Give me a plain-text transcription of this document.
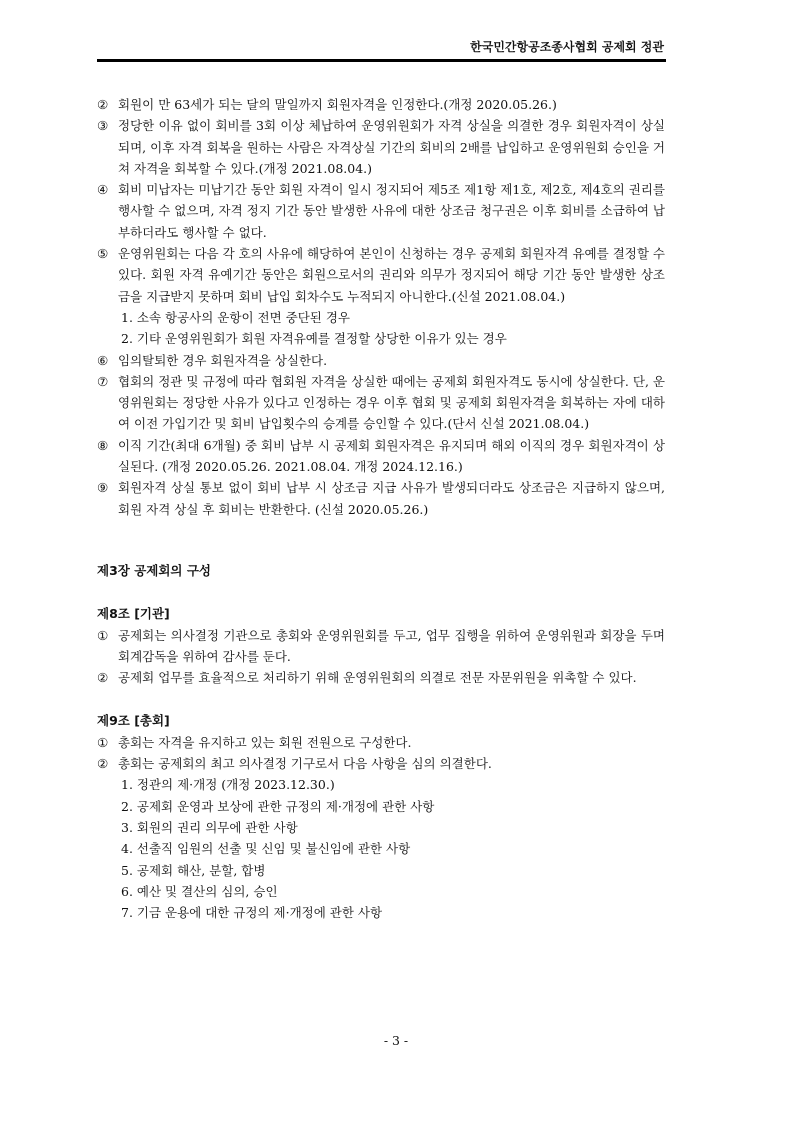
한국민간항공조종사협회 공제회 정관

② 회원이 만 63세가 되는 달의 말일까지 회원자격을 인정한다.(개정 2020.05.26.)

③ 정당한 이유 없이 회비를 3회 이상 체납하여 운영위원회가 자격 상실을 의결한 경우 회원자격이 상실되며, 이후 자격 회복을 원하는 사람은 자격상실 기간의 회비의 2배를 납입하고 운영위원회 승인을 거쳐 자격을 회복할 수 있다.(개정 2021.08.04.)

④ 회비 미납자는 미납기간 동안 회원 자격이 일시 정지되어 제5조 제1항 제1호, 제2호, 제4호의 권리를 행사할 수 없으며, 자격 정지 기간 동안 발생한 사유에 대한 상조금 청구권은 이후 회비를 소급하여 납부하더라도 행사할 수 없다.

⑤ 운영위원회는 다음 각 호의 사유에 해당하여 본인이 신청하는 경우 공제회 회원자격 유예를 결정할 수 있다. 회원 자격 유예기간 동안은 회원으로서의 권리와 의무가 정지되어 해당 기간 동안 발생한 상조금을 지급받지 못하며 회비 납입 회차수도 누적되지 아니한다.(신설 2021.08.04.)

1. 소속 항공사의 운항이 전면 중단된 경우

2. 기타 운영위원회가 회원 자격유예를 결정할 상당한 이유가 있는 경우

⑥ 임의탈퇴한 경우 회원자격을 상실한다.

⑦ 협회의 정관 및 규정에 따라 협회원 자격을 상실한 때에는 공제회 회원자격도 동시에 상실한다. 단, 운영위원회는 정당한 사유가 있다고 인정하는 경우 이후 협회 및 공제회 회원자격을 회복하는 자에 대하여 이전 가입기간 및 회비 납입횟수의 승계를 승인할 수 있다.(단서 신설 2021.08.04.)

⑧ 이직 기간(최대 6개월) 중 회비 납부 시 공제회 회원자격은 유지되며 해외 이직의 경우 회원자격이 상실된다. (개정 2020.05.26. 2021.08.04. 개정 2024.12.16.)

⑨ 회원자격 상실 통보 없이 회비 납부 시 상조금 지급 사유가 발생되더라도 상조금은 지급하지 않으며, 회원 자격 상실 후 회비는 반환한다. (신설 2020.05.26.)

제3장 공제회의 구성
제8조 [기관]

① 공제회는 의사결정 기관으로 총회와 운영위원회를 두고, 업무 집행을 위하여 운영위원과 회장을 두며 회계감독을 위하여 감사를 둔다.

② 공제회 업무를 효율적으로 처리하기 위해 운영위원회의 의결로 전문 자문위원을 위촉할 수 있다.

제9조 [총회]

① 총회는 자격을 유지하고 있는 회원 전원으로 구성한다.

② 총회는 공제회의 최고 의사결정 기구로서 다음 사항을 심의 의결한다.

1. 정관의 제·개정 (개정 2023.12.30.)

2. 공제회 운영과 보상에 관한 규정의 제·개정에 관한 사항

3. 회원의 권리 의무에 관한 사항

4. 선출직 임원의 선출 및 신임 및 불신임에 관한 사항

5. 공제회 해산, 분할, 합병

6. 예산 및 결산의 심의, 승인

7. 기금 운용에 대한 규정의 제·개정에 관한 사항

- 3 -
